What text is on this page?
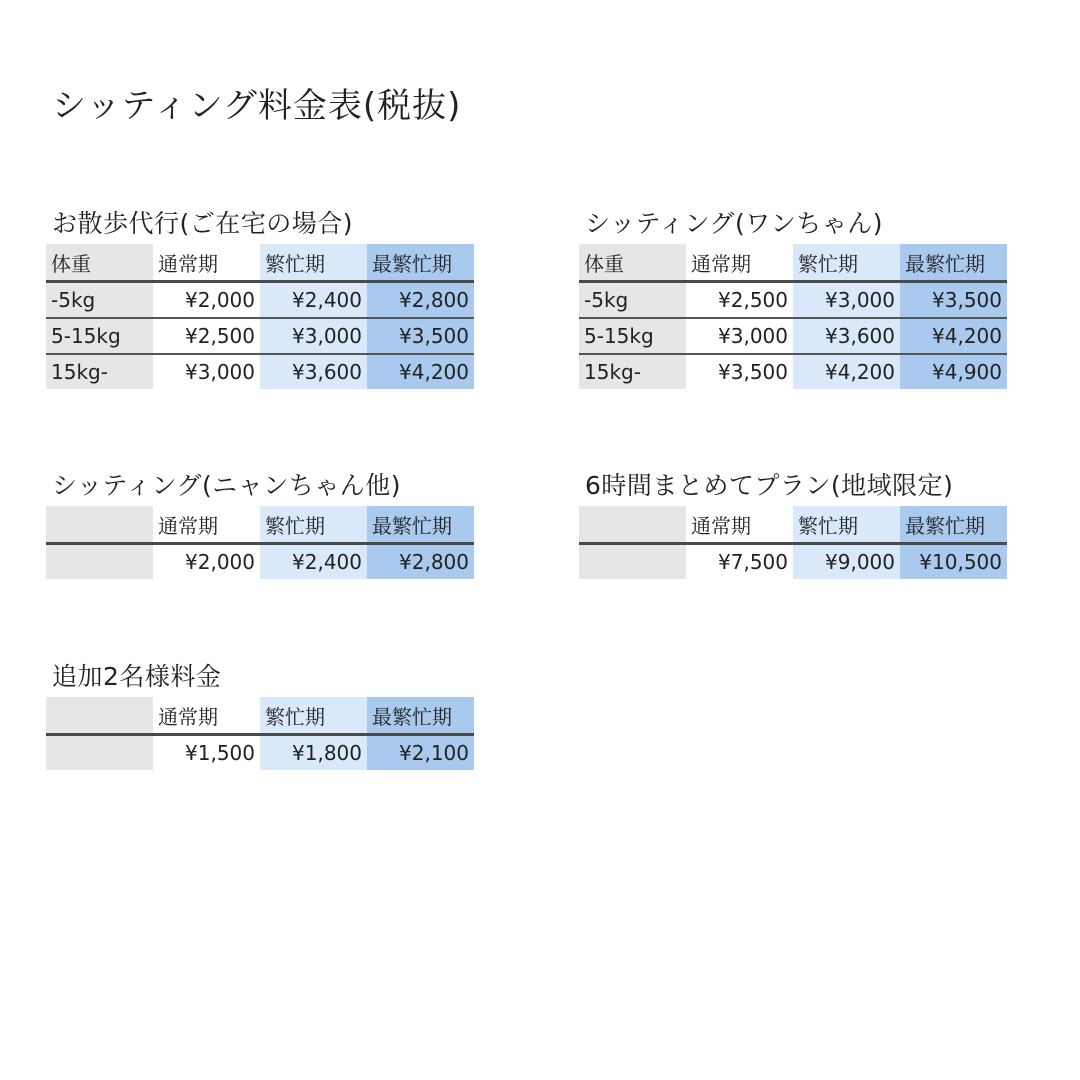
シッティング料金表(税抜)
お散歩代行(ご在宅の場合)
体重	通常期	繁忙期	最繁忙期
-5kg	¥2,000	¥2,400	¥2,800
5-15kg	¥2,500	¥3,000	¥3,500
15kg-	¥3,000	¥3,600	¥4,200
シッティング(ワンちゃん)
体重	通常期	繁忙期	最繁忙期
-5kg	¥2,500	¥3,000	¥3,500
5-15kg	¥3,000	¥3,600	¥4,200
15kg-	¥3,500	¥4,200	¥4,900
シッティング(ニャンちゃん他)
	通常期	繁忙期	最繁忙期
	¥2,000	¥2,400	¥2,800
6時間まとめてプラン(地域限定)
	通常期	繁忙期	最繁忙期
	¥7,500	¥9,000	¥10,500
追加2名様料金
	通常期	繁忙期	最繁忙期
	¥1,500	¥1,800	¥2,100
